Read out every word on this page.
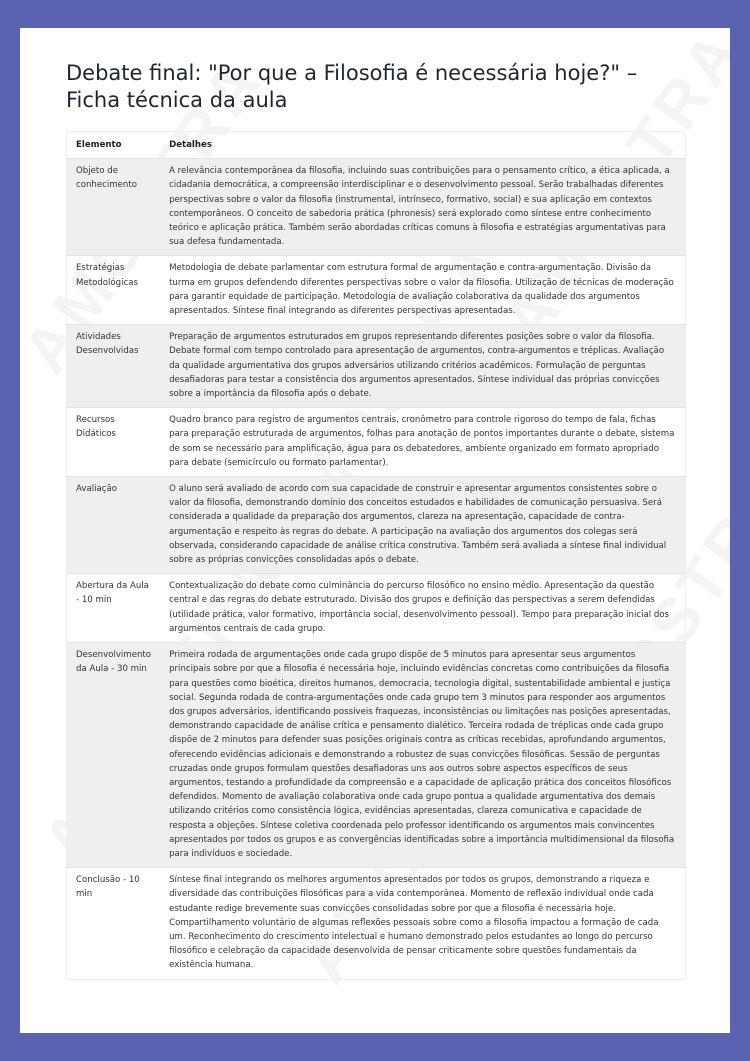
Debate final: "Por que a Filosofia é necessária hoje?" – Ficha técnica da aula
Elemento	Detalhes
Objeto de conhecimento	A relevância contemporânea da filosofia, incluindo suas contribuições para o pensamento crítico, a ética aplicada, a cidadania democrática, a compreensão interdisciplinar e o desenvolvimento pessoal. Serão trabalhadas diferentes perspectivas sobre o valor da filosofia (instrumental, intrínseco, formativo, social) e sua aplicação em contextos contemporâneos. O conceito de sabedoria prática (phronesis) será explorado como síntese entre conhecimento teórico e aplicação prática. Também serão abordadas críticas comuns à filosofia e estratégias argumentativas para sua defesa fundamentada.
Estratégias Metodológicas	Metodologia de debate parlamentar com estrutura formal de argumentação e contra-argumentação. Divisão da turma em grupos defendendo diferentes perspectivas sobre o valor da filosofia. Utilização de técnicas de moderação para garantir equidade de participação. Metodologia de avaliação colaborativa da qualidade dos argumentos apresentados. Síntese final integrando as diferentes perspectivas apresentadas.
Atividades Desenvolvidas	Preparação de argumentos estruturados em grupos representando diferentes posições sobre o valor da filosofia. Debate formal com tempo controlado para apresentação de argumentos, contra-argumentos e tréplicas. Avaliação da qualidade argumentativa dos grupos adversários utilizando critérios acadêmicos. Formulação de perguntas desafiadoras para testar a consistência dos argumentos apresentados. Síntese individual das próprias convicções sobre a importância da filosofia após o debate.
Recursos Didáticos	Quadro branco para registro de argumentos centrais, cronômetro para controle rigoroso do tempo de fala, fichas para preparação estruturada de argumentos, folhas para anotação de pontos importantes durante o debate, sistema de som se necessário para amplificação, água para os debatedores, ambiente organizado em formato apropriado para debate (semicírculo ou formato parlamentar).
Avaliação	O aluno será avaliado de acordo com sua capacidade de construir e apresentar argumentos consistentes sobre o valor da filosofia, demonstrando domínio dos conceitos estudados e habilidades de comunicação persuasiva. Será considerada a qualidade da preparação dos argumentos, clareza na apresentação, capacidade de contra-argumentação e respeito às regras do debate. A participação na avaliação dos argumentos dos colegas será observada, considerando capacidade de análise crítica construtiva. Também será avaliada a síntese final individual sobre as próprias convicções consolidadas após o debate.
Abertura da Aula - 10 min	Contextualização do debate como culminância do percurso filosófico no ensino médio. Apresentação da questão central e das regras do debate estruturado. Divisão dos grupos e definição das perspectivas a serem defendidas (utilidade prática, valor formativo, importância social, desenvolvimento pessoal). Tempo para preparação inicial dos argumentos centrais de cada grupo.
Desenvolvimento da Aula - 30 min	Primeira rodada de argumentações onde cada grupo dispõe de 5 minutos para apresentar seus argumentos principais sobre por que a filosofia é necessária hoje, incluindo evidências concretas como contribuições da filosofia para questões como bioética, direitos humanos, democracia, tecnologia digital, sustentabilidade ambiental e justiça social. Segunda rodada de contra-argumentações onde cada grupo tem 3 minutos para responder aos argumentos dos grupos adversários, identificando possíveis fraquezas, inconsistências ou limitações nas posições apresentadas, demonstrando capacidade de análise crítica e pensamento dialético. Terceira rodada de tréplicas onde cada grupo dispõe de 2 minutos para defender suas posições originais contra as críticas recebidas, aprofundando argumentos, oferecendo evidências adicionais e demonstrando a robustez de suas convicções filosóficas. Sessão de perguntas cruzadas onde grupos formulam questões desafiadoras uns aos outros sobre aspectos específicos de seus argumentos, testando a profundidade da compreensão e a capacidade de aplicação prática dos conceitos filosóficos defendidos. Momento de avaliação colaborativa onde cada grupo pontua a qualidade argumentativa dos demais utilizando critérios como consistência lógica, evidências apresentadas, clareza comunicativa e capacidade de resposta a objeções. Síntese coletiva coordenada pelo professor identificando os argumentos mais convincentes apresentados por todos os grupos e as convergências identificadas sobre a importância multidimensional da filosofia para indivíduos e sociedade.
Conclusão - 10 min	Síntese final integrando os melhores argumentos apresentados por todos os grupos, demonstrando a riqueza e diversidade das contribuições filosóficas para a vida contemporânea. Momento de reflexão individual onde cada estudante redige brevemente suas convicções consolidadas sobre por que a filosofia é necessária hoje. Compartilhamento voluntário de algumas reflexões pessoais sobre como a filosofia impactou a formação de cada um. Reconhecimento do crescimento intelectual e humano demonstrado pelos estudantes ao longo do percurso filosófico e celebração da capacidade desenvolvida de pensar criticamente sobre questões fundamentais da existência humana.
